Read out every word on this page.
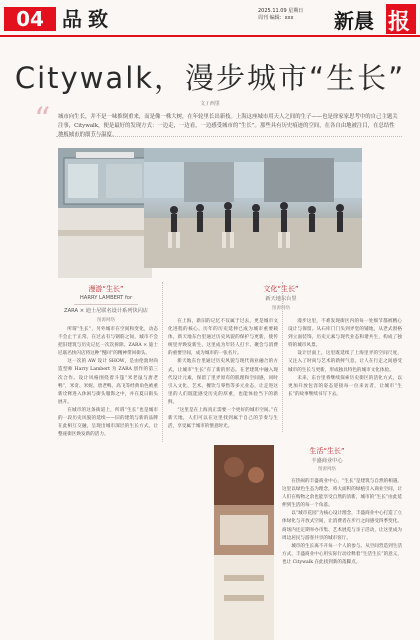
04 品致	2025.11.09 星期日
周刊 编辑：xxx	新晨 报
Citywalk，漫步城市“生长”
文 / 西里
“ 城市向生长，并不是一味推倒重来，而是像一株大树，在年轮里长出新枝。上海这座城市用天人之间的生子——也是徐家家思考中的自己主题关注事，Citywalk，便是最好的发现方式：一边走，一边看，一边感受城市的“生长”。那些具有历史痕迹的空间，在各自由地被注目，在总结性地板城市的细节与温度。
漫游“生长”
HARRY LAMBERT for
ZARA × 迪士尼联名设计系列快闪店
图源网络
文化“生长”
新天地东台里
图源网络

所谓“生长”，另外城市在空间和变化，动态不会止于正常。在过去有与钢筋之间，城市不会把旧建筑与历史记忆一次次拆除。ZARA × 迪士尼联名快闪店将这种“慢回”的精神带回街头。

这一次的 AW 设计 SHOW，是由伦敦时尚造型师 Harry Lambert 为 ZARA 创作的第三次合作。设计风格围绕着斗篷“米老鼠与唐老鸭”，米奇、米妮、唐老鸭、高飞等经典角色被重新诠释进入休闲与街头服饰之中，并在夏日街头展开。

在城市的这条街道上，所谓“生长”也是城市的一段历史风貌的延续——旧的建筑与新的品牌在此相互交融，呈现出城市深层的生长方式，让整座街区焕发新的活力。

在上海，新旧的记忆不仅属于过去，更是城市文化进程的核心。历年的历史延伸已成为城市重要载体，新天地东台里通过历史风貌的保护与更新，使传统里弄焕发新生，这里成为年轻人打卡、聚会与消费的重要空间，成为城市的一张名片。

新天地东台里通过历史风貌与现代商业融合的方式，让城市“生长”有了新的形态。在老建筑中融入现代设计元素，保留了里弄原有的肌理和空间感，同时引入文化、艺术、餐饮与零售等多元业态，让走进这里的人们既能感受历史的厚重，也能体验当下的新鲜。

“这里是在上海真正需要一个更好的城市空间。”在新天地，人们可以在这里找到属于自己的节奏与生活，享受属于城市的惬意时光。

漫步这里，不难发现街区内的每一处细节都被精心设计与保留。从石库门门头到弄堂的铺地，从老式窗格到立面装饰，历史元素与现代业态和谐共生，构成了独特的城市风景。

设计层面上，这里既延续了上海里弄的空间尺度，又注入了时尚与艺术的新鲜气息，让人在行走之间感受城市的生长与更新，形成独具特色的城市文化体验。

未来，东台里将继续探索历史街区的活化方式，以更加开放包容的姿态迎接每一位来访者，让城市“生长”的故事继续书写下去。

生活“生长”
丰盛商业中心
图源网络

在热闹的丰盛商业中心，“生长”是建筑与自然的相遇。这里以绿色生态为理念，将大面积的绿植引入商业空间，让人们在购物之余也能享受自然的清新，城市的“生长”由此延伸到生活的每一个角落。

以“城市花园”为核心设计理念，丰盛商业中心打造了立体绿化与开放式空间，让消费者在步行之间感受四季变化。商场内还定期举办市集、艺术展览与亲子活动，让这里成为周边居民与游客共享的城市客厅。

城市的生长离不开每一个人的参与。从空间营造到生活方式，丰盛商业中心用实际行动诠释着“生活生长”的意义，也让 Citywalk 在此找到新的落脚点。
